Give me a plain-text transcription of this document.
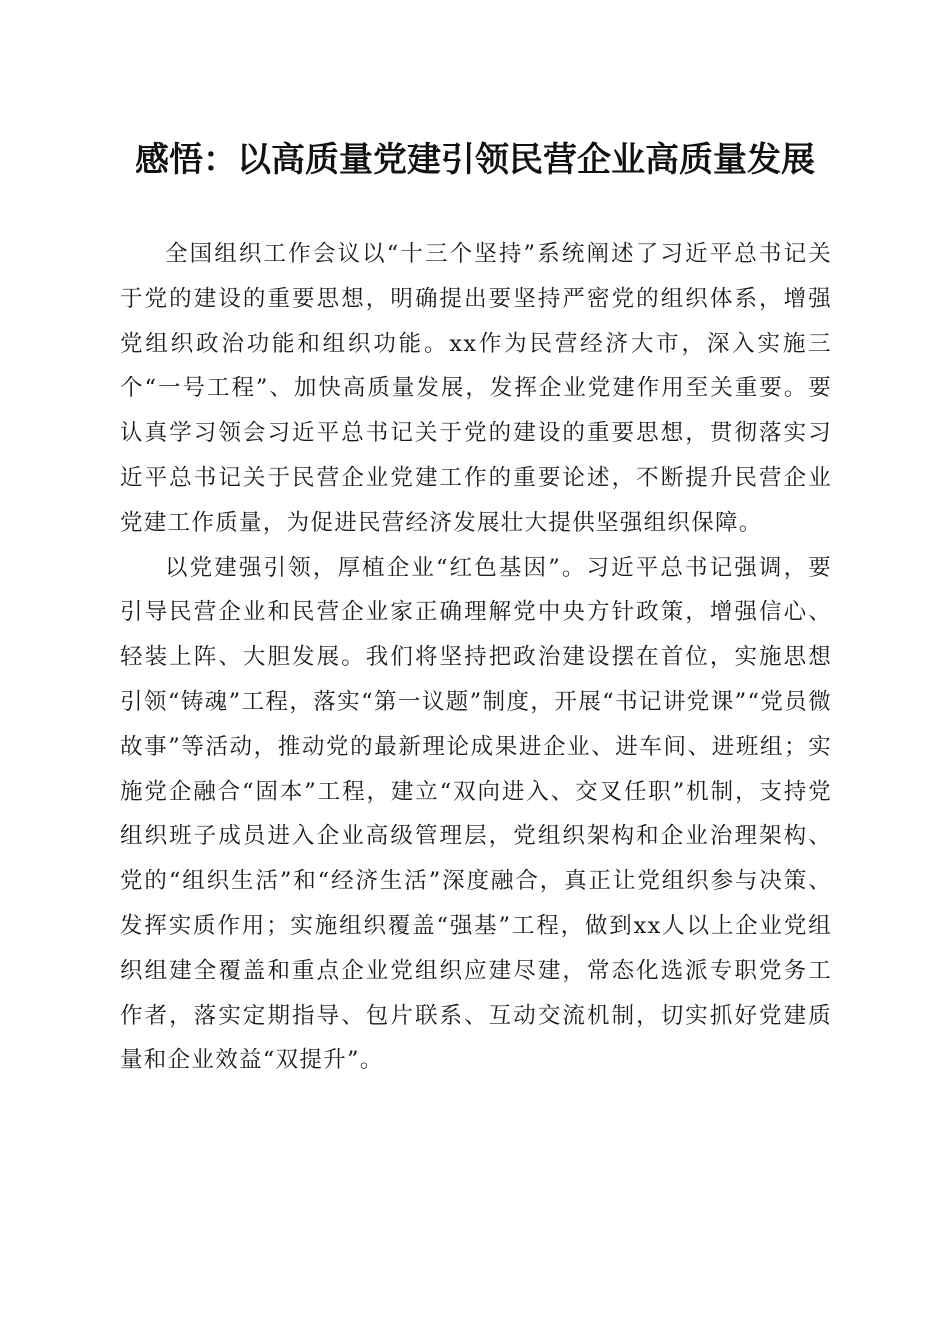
感悟：以高质量党建引领民营企业高质量发展

全国组织工作会议以“十三个坚持”系统阐述了习近平总书记关于党的建设的重要思想，明确提出要坚持严密党的组织体系，增强党组织政治功能和组织功能。xx作为民营经济大市，深入实施三个“一号工程”、加快高质量发展，发挥企业党建作用至关重要。要认真学习领会习近平总书记关于党的建设的重要思想，贯彻落实习近平总书记关于民营企业党建工作的重要论述，不断提升民营企业党建工作质量，为促进民营经济发展壮大提供坚强组织保障。

以党建强引领，厚植企业“红色基因”。习近平总书记强调，要引导民营企业和民营企业家正确理解党中央方针政策，增强信心、轻装上阵、大胆发展。我们将坚持把政治建设摆在首位，实施思想引领“铸魂”工程，落实“第一议题”制度，开展“书记讲党课”“党员微故事”等活动，推动党的最新理论成果进企业、进车间、进班组；实施党企融合“固本”工程，建立“双向进入、交叉任职”机制，支持党组织班子成员进入企业高级管理层，党组织架构和企业治理架构、党的“组织生活”和“经济生活”深度融合，真正让党组织参与决策、发挥实质作用；实施组织覆盖“强基”工程，做到xx人以上企业党组织组建全覆盖和重点企业党组织应建尽建，常态化选派专职党务工作者，落实定期指导、包片联系、互动交流机制，切实抓好党建质量和企业效益“双提升”。
